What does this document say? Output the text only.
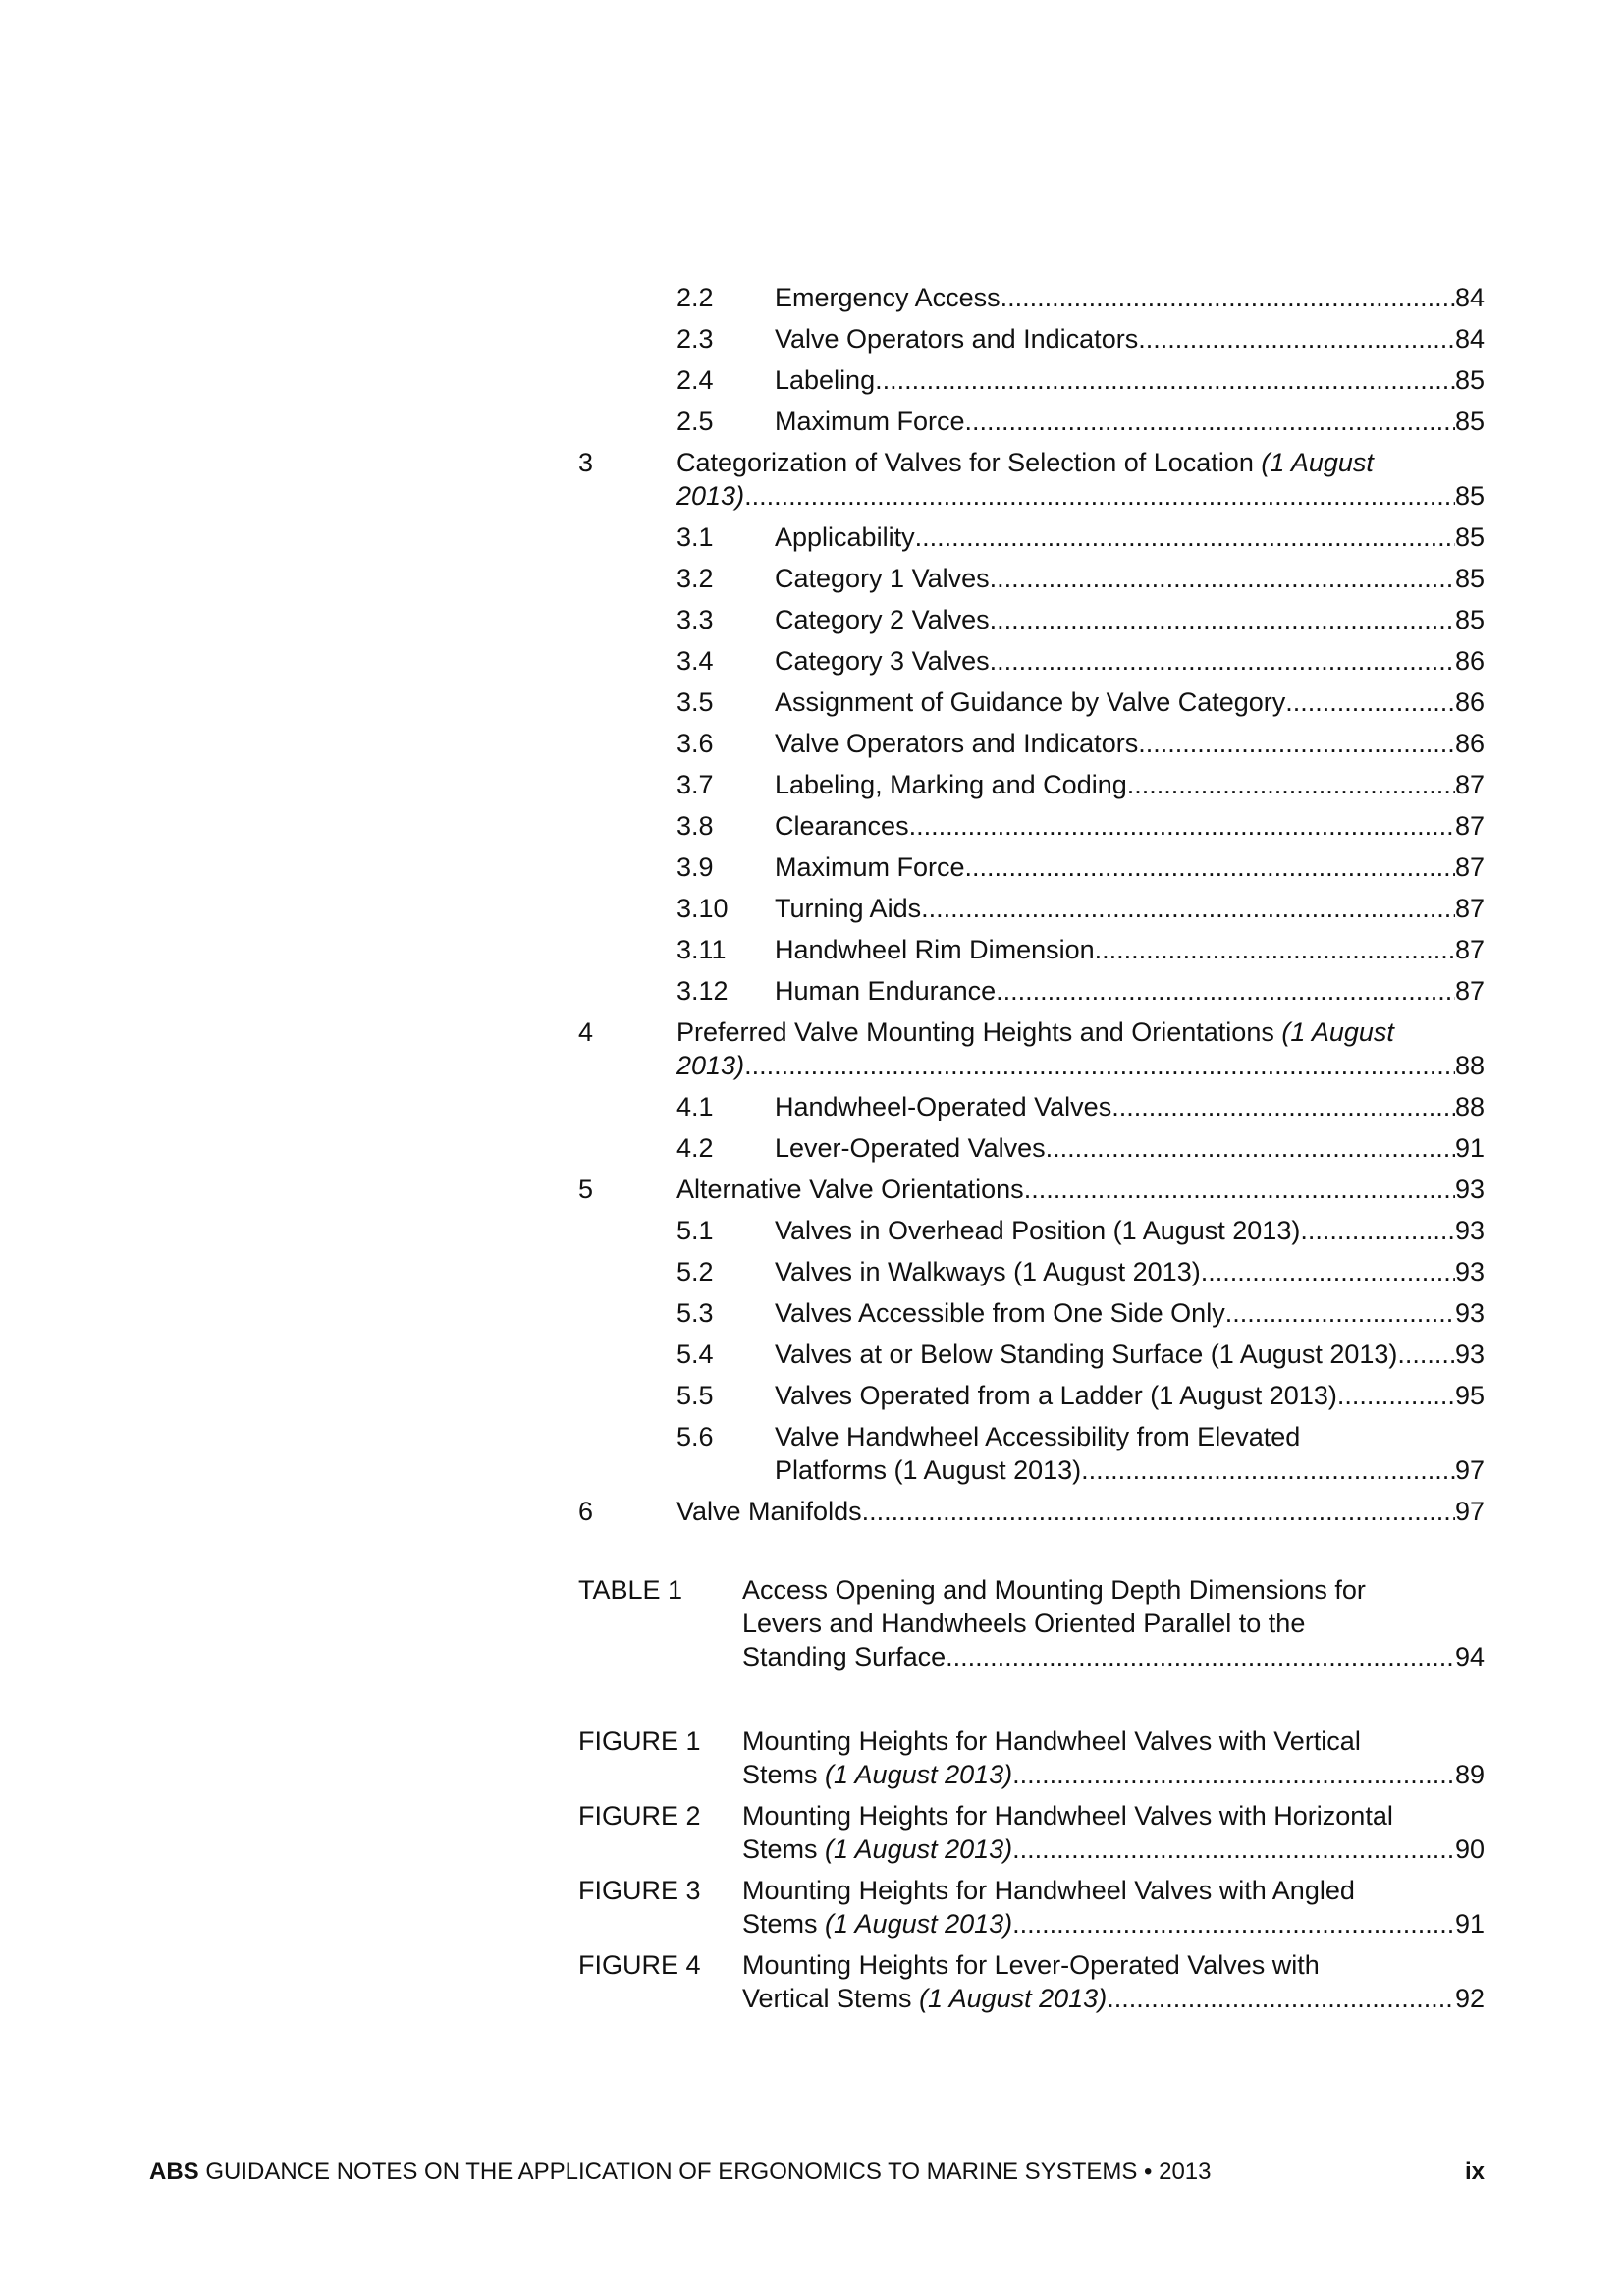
2.2 Emergency Access .....	84
2.3 Valve Operators and Indicators .....	84
2.4 Labeling .....	85
2.5 Maximum Force .....	85
3	Categorization of Valves for Selection of Location (1 August
2013) .....	85
3.1 Applicability .....	85
3.2 Category 1 Valves .....	85
3.3 Category 2 Valves .....	85
3.4 Category 3 Valves .....	86
3.5 Assignment of Guidance by Valve Category .....	86
3.6 Valve Operators and Indicators .....	86
3.7 Labeling, Marking and Coding .....	87
3.8 Clearances .....	87
3.9 Maximum Force .....	87
3.10 Turning Aids .....	87
3.11 Handwheel Rim Dimension .....	87
3.12 Human Endurance .....	87
4	Preferred Valve Mounting Heights and Orientations (1 August
2013) .....	88
4.1 Handwheel-Operated Valves .....	88
4.2 Lever-Operated Valves .....	91
5	Alternative Valve Orientations .....	93
5.1 Valves in Overhead Position (1 August 2013) .....	93
5.2 Valves in Walkways (1 August 2013) .....	93
5.3 Valves Accessible from One Side Only .....	93
5.4 Valves at or Below Standing Surface (1 August 2013) ..... 93
5.5 Valves Operated from a Ladder (1 August 2013) .....	95
5.6 Valve Handwheel Accessibility from Elevated
Platforms (1 August 2013) .....	97
6	Valve Manifolds .....	97
TABLE 1 Access Opening and Mounting Depth Dimensions for
Levers and Handwheels Oriented Parallel to the
Standing Surface .....	94
FIGURE 1 Mounting Heights for Handwheel Valves with Vertical
Stems (1 August 2013) .....	89
FIGURE 2 Mounting Heights for Handwheel Valves with Horizontal
Stems (1 August 2013) .....	90
FIGURE 3 Mounting Heights for Handwheel Valves with Angled
Stems (1 August 2013) .....	91
FIGURE 4 Mounting Heights for Lever-Operated Valves with
Vertical Stems (1 August 2013) .....	92
ABS GUIDANCE NOTES ON THE APPLICATION OF ERGONOMICS TO MARINE SYSTEMS • 2013	ix
